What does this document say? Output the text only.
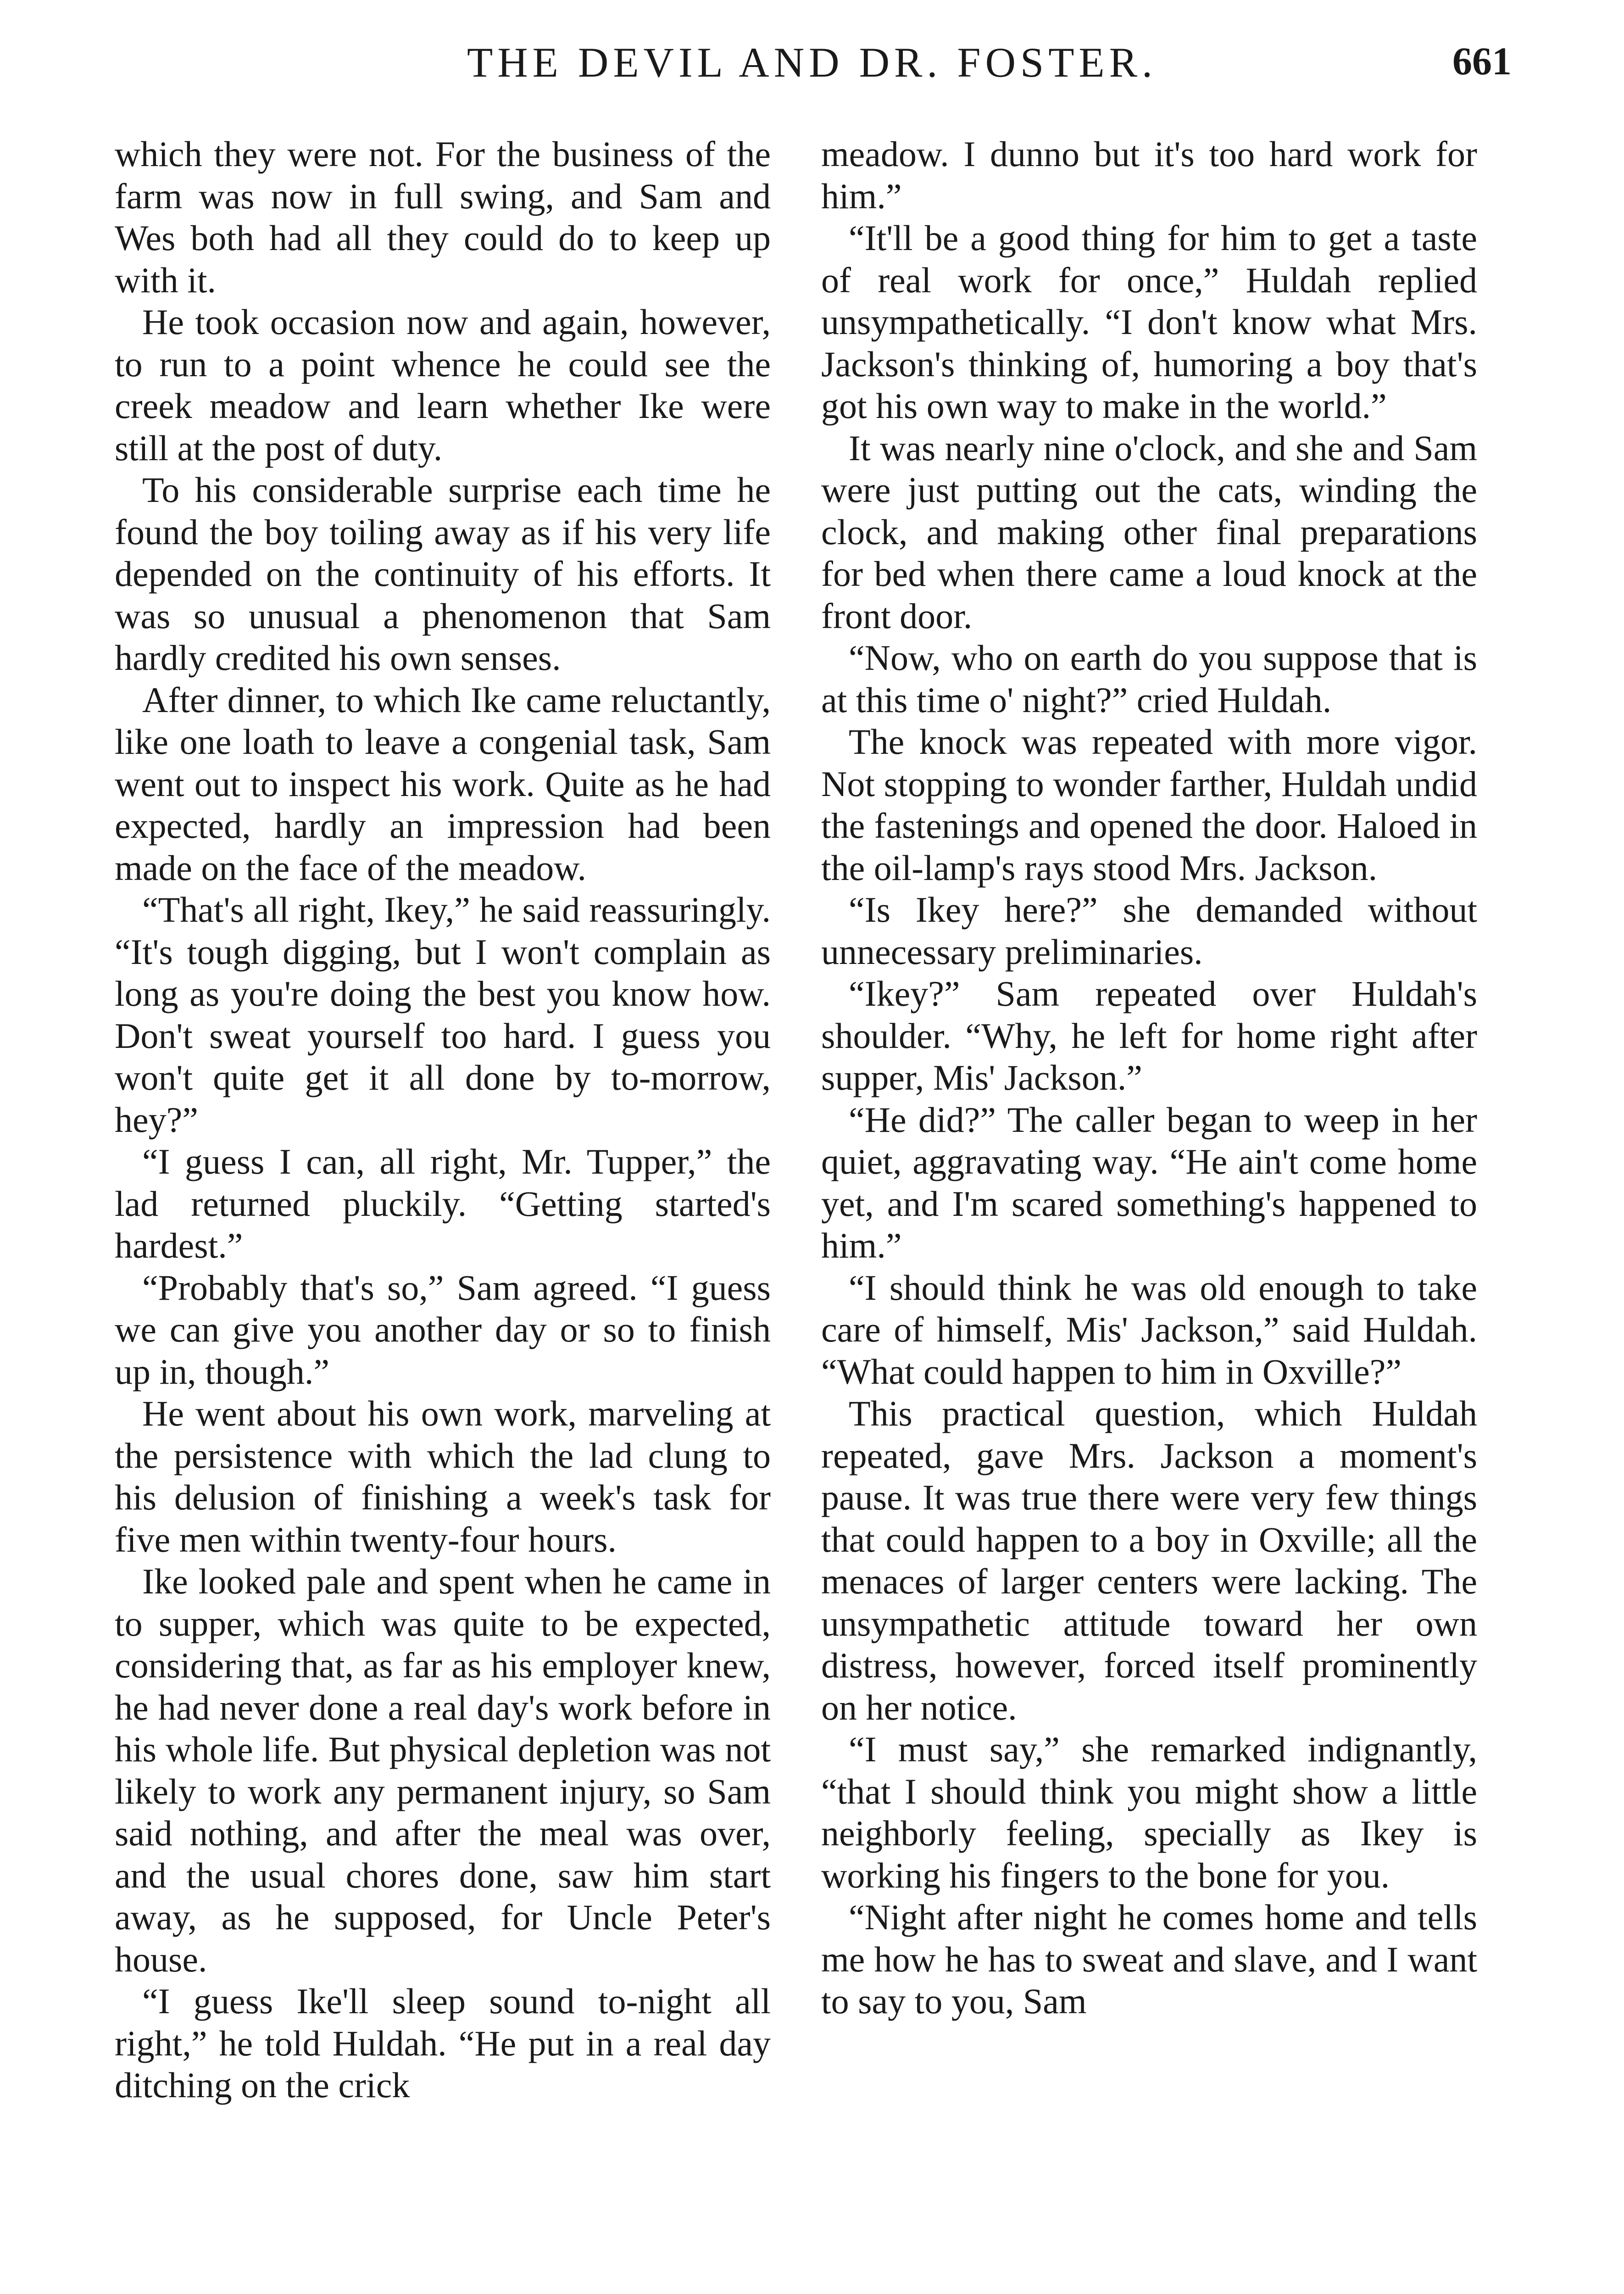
THE DEVIL AND DR. FOSTER.	661

which they were not. For the business of the farm was now in full swing, and Sam and Wes both had all they could do to keep up with it.

He took occasion now and again, however, to run to a point whence he could see the creek meadow and learn whether Ike were still at the post of duty.

To his considerable surprise each time he found the boy toiling away as if his very life depended on the continuity of his efforts. It was so unusual a phenomenon that Sam hardly credited his own senses.

After dinner, to which Ike came reluctantly, like one loath to leave a congenial task, Sam went out to inspect his work. Quite as he had expected, hardly an impression had been made on the face of the meadow.

“That's all right, Ikey,” he said reassuringly. “It's tough digging, but I won't complain as long as you're doing the best you know how. Don't sweat yourself too hard. I guess you won't quite get it all done by to-morrow, hey?”

“I guess I can, all right, Mr. Tupper,” the lad returned pluckily. “Getting started's hardest.”

“Probably that's so,” Sam agreed. “I guess we can give you another day or so to finish up in, though.”

He went about his own work, marveling at the persistence with which the lad clung to his delusion of finishing a week's task for five men within twenty-four hours.

Ike looked pale and spent when he came in to supper, which was quite to be expected, considering that, as far as his employer knew, he had never done a real day's work before in his whole life. But physical depletion was not likely to work any permanent injury, so Sam said nothing, and after the meal was over, and the usual chores done, saw him start away, as he supposed, for Uncle Peter's house.

“I guess Ike'll sleep sound to-night all right,” he told Huldah. “He put in a real day ditching on the crick

meadow. I dunno but it's too hard work for him.”

“It'll be a good thing for him to get a taste of real work for once,” Huldah replied unsympathetically. “I don't know what Mrs. Jackson's thinking of, humoring a boy that's got his own way to make in the world.”

It was nearly nine o'clock, and she and Sam were just putting out the cats, winding the clock, and making other final preparations for bed when there came a loud knock at the front door.

“Now, who on earth do you suppose that is at this time o' night?” cried Huldah.

The knock was repeated with more vigor. Not stopping to wonder farther, Huldah undid the fastenings and opened the door. Haloed in the oil-lamp's rays stood Mrs. Jackson.

“Is Ikey here?” she demanded without unnecessary preliminaries.

“Ikey?” Sam repeated over Huldah's shoulder. “Why, he left for home right after supper, Mis' Jackson.”

“He did?” The caller began to weep in her quiet, aggravating way. “He ain't come home yet, and I'm scared something's happened to him.”

“I should think he was old enough to take care of himself, Mis' Jackson,” said Huldah. “What could happen to him in Oxville?”

This practical question, which Huldah repeated, gave Mrs. Jackson a moment's pause. It was true there were very few things that could happen to a boy in Oxville; all the menaces of larger centers were lacking. The unsympathetic attitude toward her own distress, however, forced itself prominently on her notice.

“I must say,” she remarked indignantly, “that I should think you might show a little neighborly feeling, specially as Ikey is working his fingers to the bone for you.

“Night after night he comes home and tells me how he has to sweat and slave, and I want to say to you, Sam
